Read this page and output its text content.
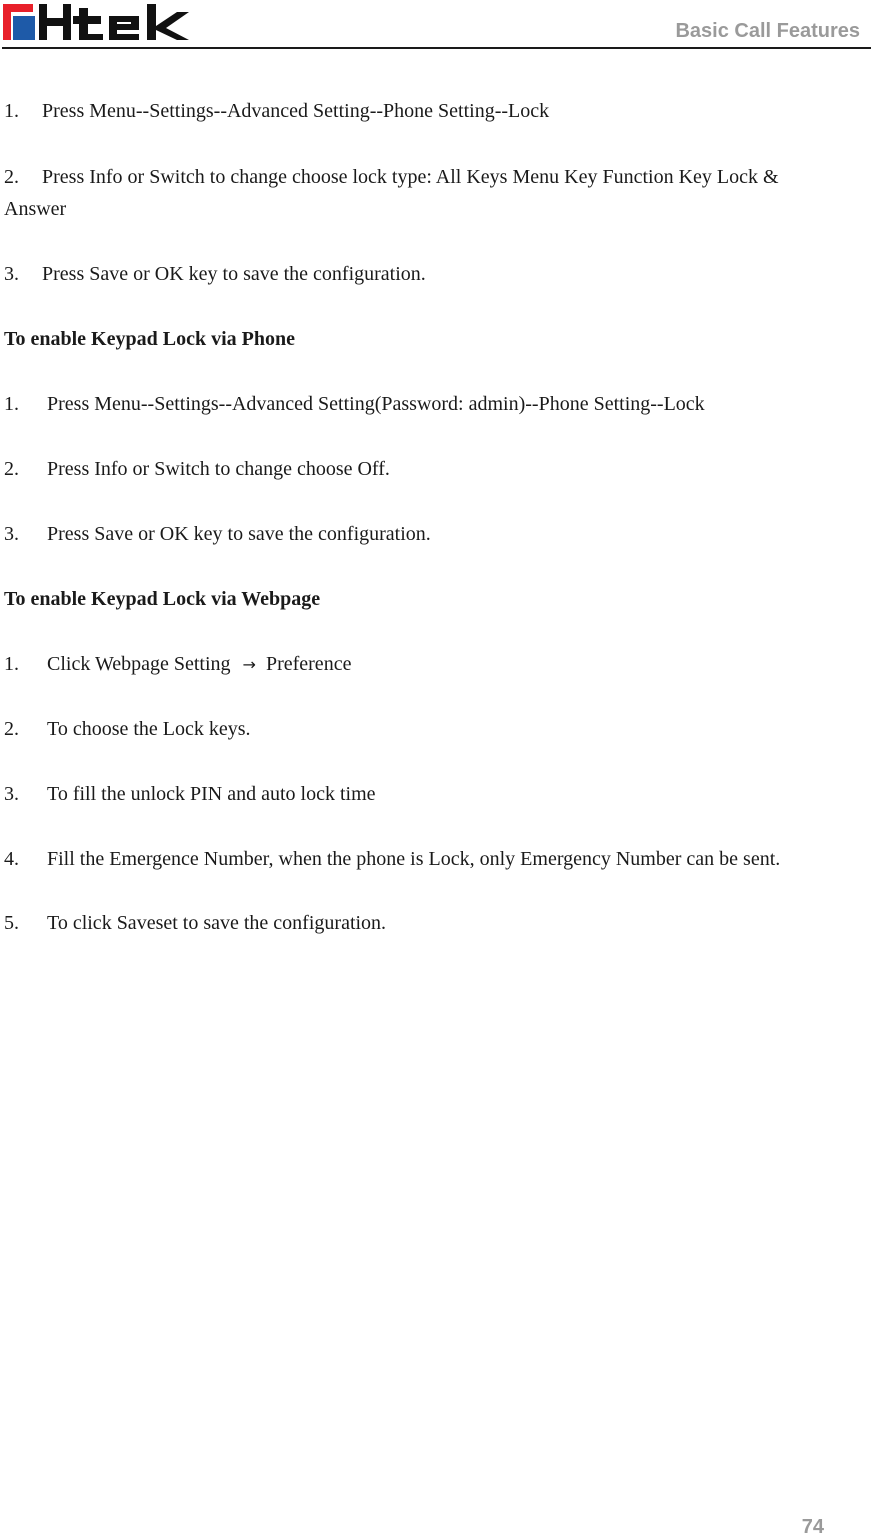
Basic Call Features
1. Press Menu--Settings--Advanced Setting--Phone Setting--Lock
2. Press Info or Switch to change choose lock type: All Keys Menu Key Function Key Lock &
Answer
3. Press Save or OK key to save the configuration.
To enable Keypad Lock via Phone
1. Press Menu--Settings--Advanced Setting(Password: admin)--Phone Setting--Lock
2. Press Info or Switch to change choose Off.
3. Press Save or OK key to save the configuration.
To enable Keypad Lock via Webpage
1. Click Webpage Setting → Preference
2. To choose the Lock keys.
3. To fill the unlock PIN and auto lock time
4. Fill the Emergence Number, when the phone is Lock, only Emergency Number can be sent.
5. To click Saveset to save the configuration.
74
